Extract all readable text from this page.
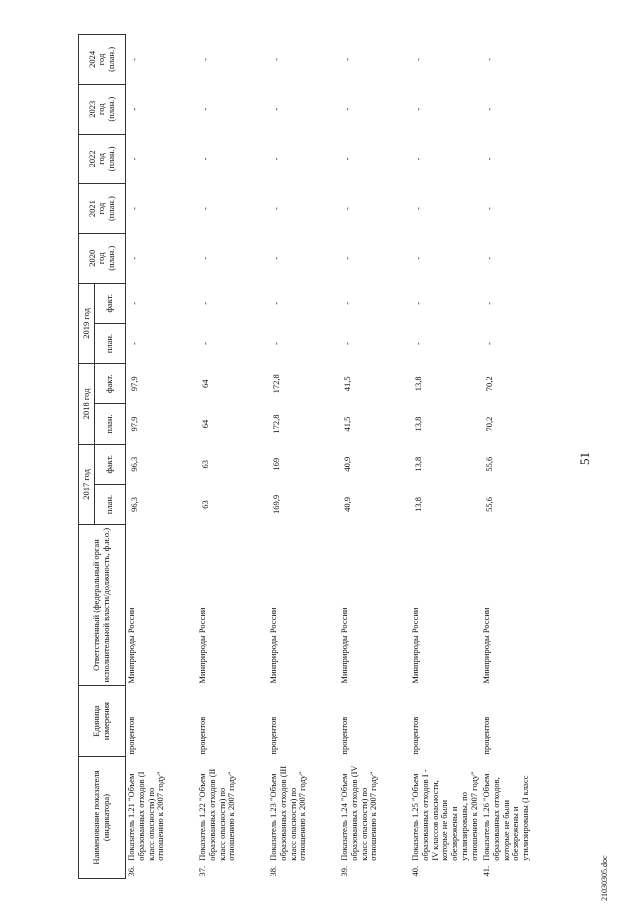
51
21030305.doc
Наименование показателя (индикатора)		Единица измерения	Ответственный (федеральный орган исполнительной власти/должность, ф.и.о.)	2017 год		2018 год		2019 год		2020
год
(план.)	2021
год
(план.)	2022
год
(план.)	2023
год
(план.)	2024
год
(план.)
				план.	факт.	план.	факт.	план.	факт.					
36.	Показатель 1.21 "Объем образованных отходов (I класс опасности) по отношению к 2007 году"	процентов	Минприроды России	96,3	96,3	97,9	97,9	-	-	-	-	-	-	-
37.	Показатель 1.22 "Объем образованных отходов (II класс опасности) по отношению к 2007 году"	процентов	Минприроды России	63	63	64	64	-	-	-	-	-	-	-
38.	Показатель 1.23 "Объем образованных отходов (III класс опасности) по отношению к 2007 году"	процентов	Минприроды России	169,9	169	172,8	172,8	-	-	-	-	-	-	-
39.	Показатель 1.24 "Объем образованных отходов (IV класс опасности) по отношению к 2007 году"	процентов	Минприроды России	40,9	40,9	41,5	41,5	-	-	-	-	-	-	-
40.	Показатель 1.25 "Объем образованных отходов I - IV классов опасности, которые не были обезврежены и утилизированы, по отношению к 2007 году"	процентов	Минприроды России	13,8	13,8	13,8	13,8	-	-	-	-	-	-	-
41.	Показатель 1.26 "Объем образованных отходов, которые не были обезврежены и утилизированы (I класс	процентов	Минприроды России	55,6	55,6	70,2	70,2	-	-	-	-	-	-	-
